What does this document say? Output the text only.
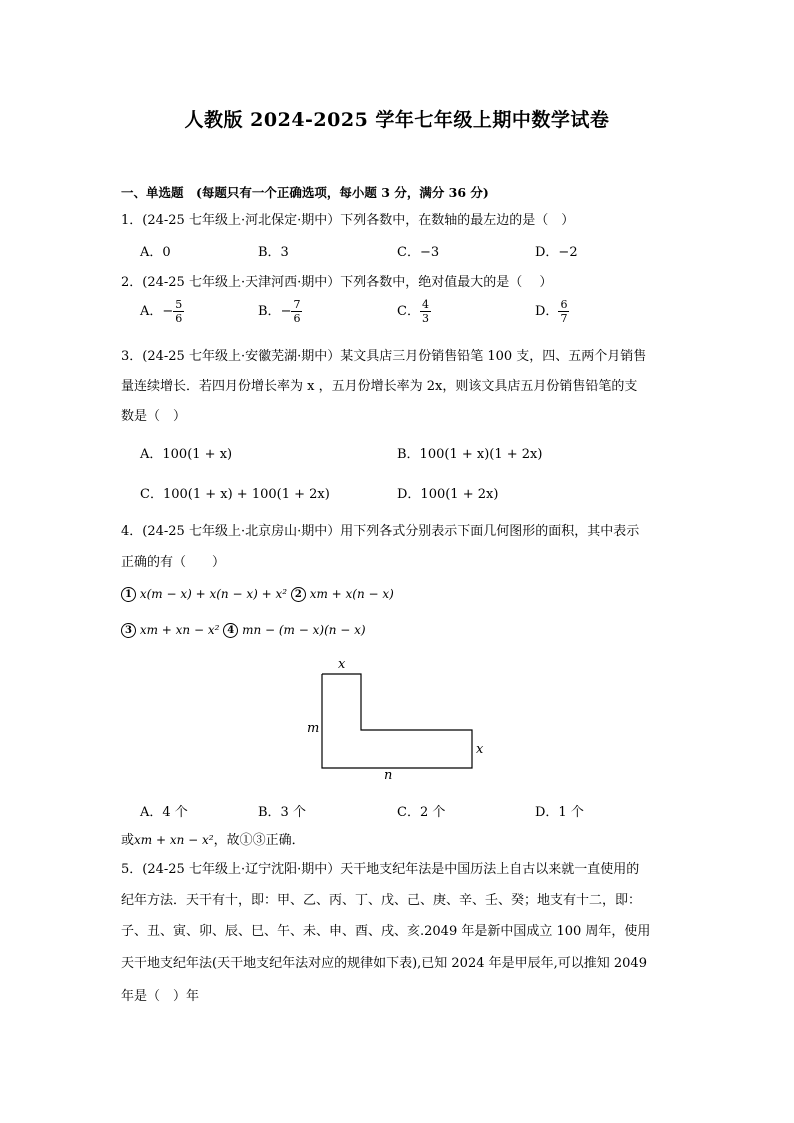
人教版 2024-2025 学年七年级上期中数学试卷
一、单选题　(每题只有一个正确选项，每小题 3 分，满分 36 分)
1．(24-25 七年级上·河北保定·期中）下列各数中，在数轴的最左边的是（　）
A．0	B．3	C．−3	D．−2
2．(24-25 七年级上·天津河西·期中）下列各数中，绝对值最大的是（　 ）
A．− $\frac{5}{6}$	B．− $\frac{7}{6}$	C． $\frac{4}{3}$	D． $\frac{6}{7}$
3．(24-25 七年级上·安徽芜湖·期中）某文具店三月份销售铅笔 100 支，四、五两个月销售
量连续增长．若四月份增长率为 x ，五月份增长率为 2x，则该文具店五月份销售铅笔的支
数是（　）
A．100(1 + x)	B．100(1 + x)(1 + 2x)
C．100(1 + x) + 100(1 + 2x)	D．100(1 + 2x)
4．(24-25 七年级上·北京房山·期中）用下列各式分别表示下面几何图形的面积，其中表示
正确的有（　　）
1 x(m − x) + x(n − x) + x² 2 xm + x(n − x)
3 xm + xn − x² 4 mn − (m − x)(n − x)
x
m
x
n
A．4 个	B．3 个	C．2 个	D．1 个
或xm + xn − x²，故①③正确．
5．(24-25 七年级上·辽宁沈阳·期中）天干地支纪年法是中国历法上自古以来就一直使用的
纪年方法．天干有十，即：甲、乙、丙、丁、戊、己、庚、辛、壬、癸；地支有十二，即：
子、丑、寅、卯、辰、巳、午、未、申、酉、戌、亥.2049 年是新中国成立 100 周年，使用
天干地支纪年法(天干地支纪年法对应的规律如下表),已知 2024 年是甲辰年,可以推知 2049
年是（　）年
